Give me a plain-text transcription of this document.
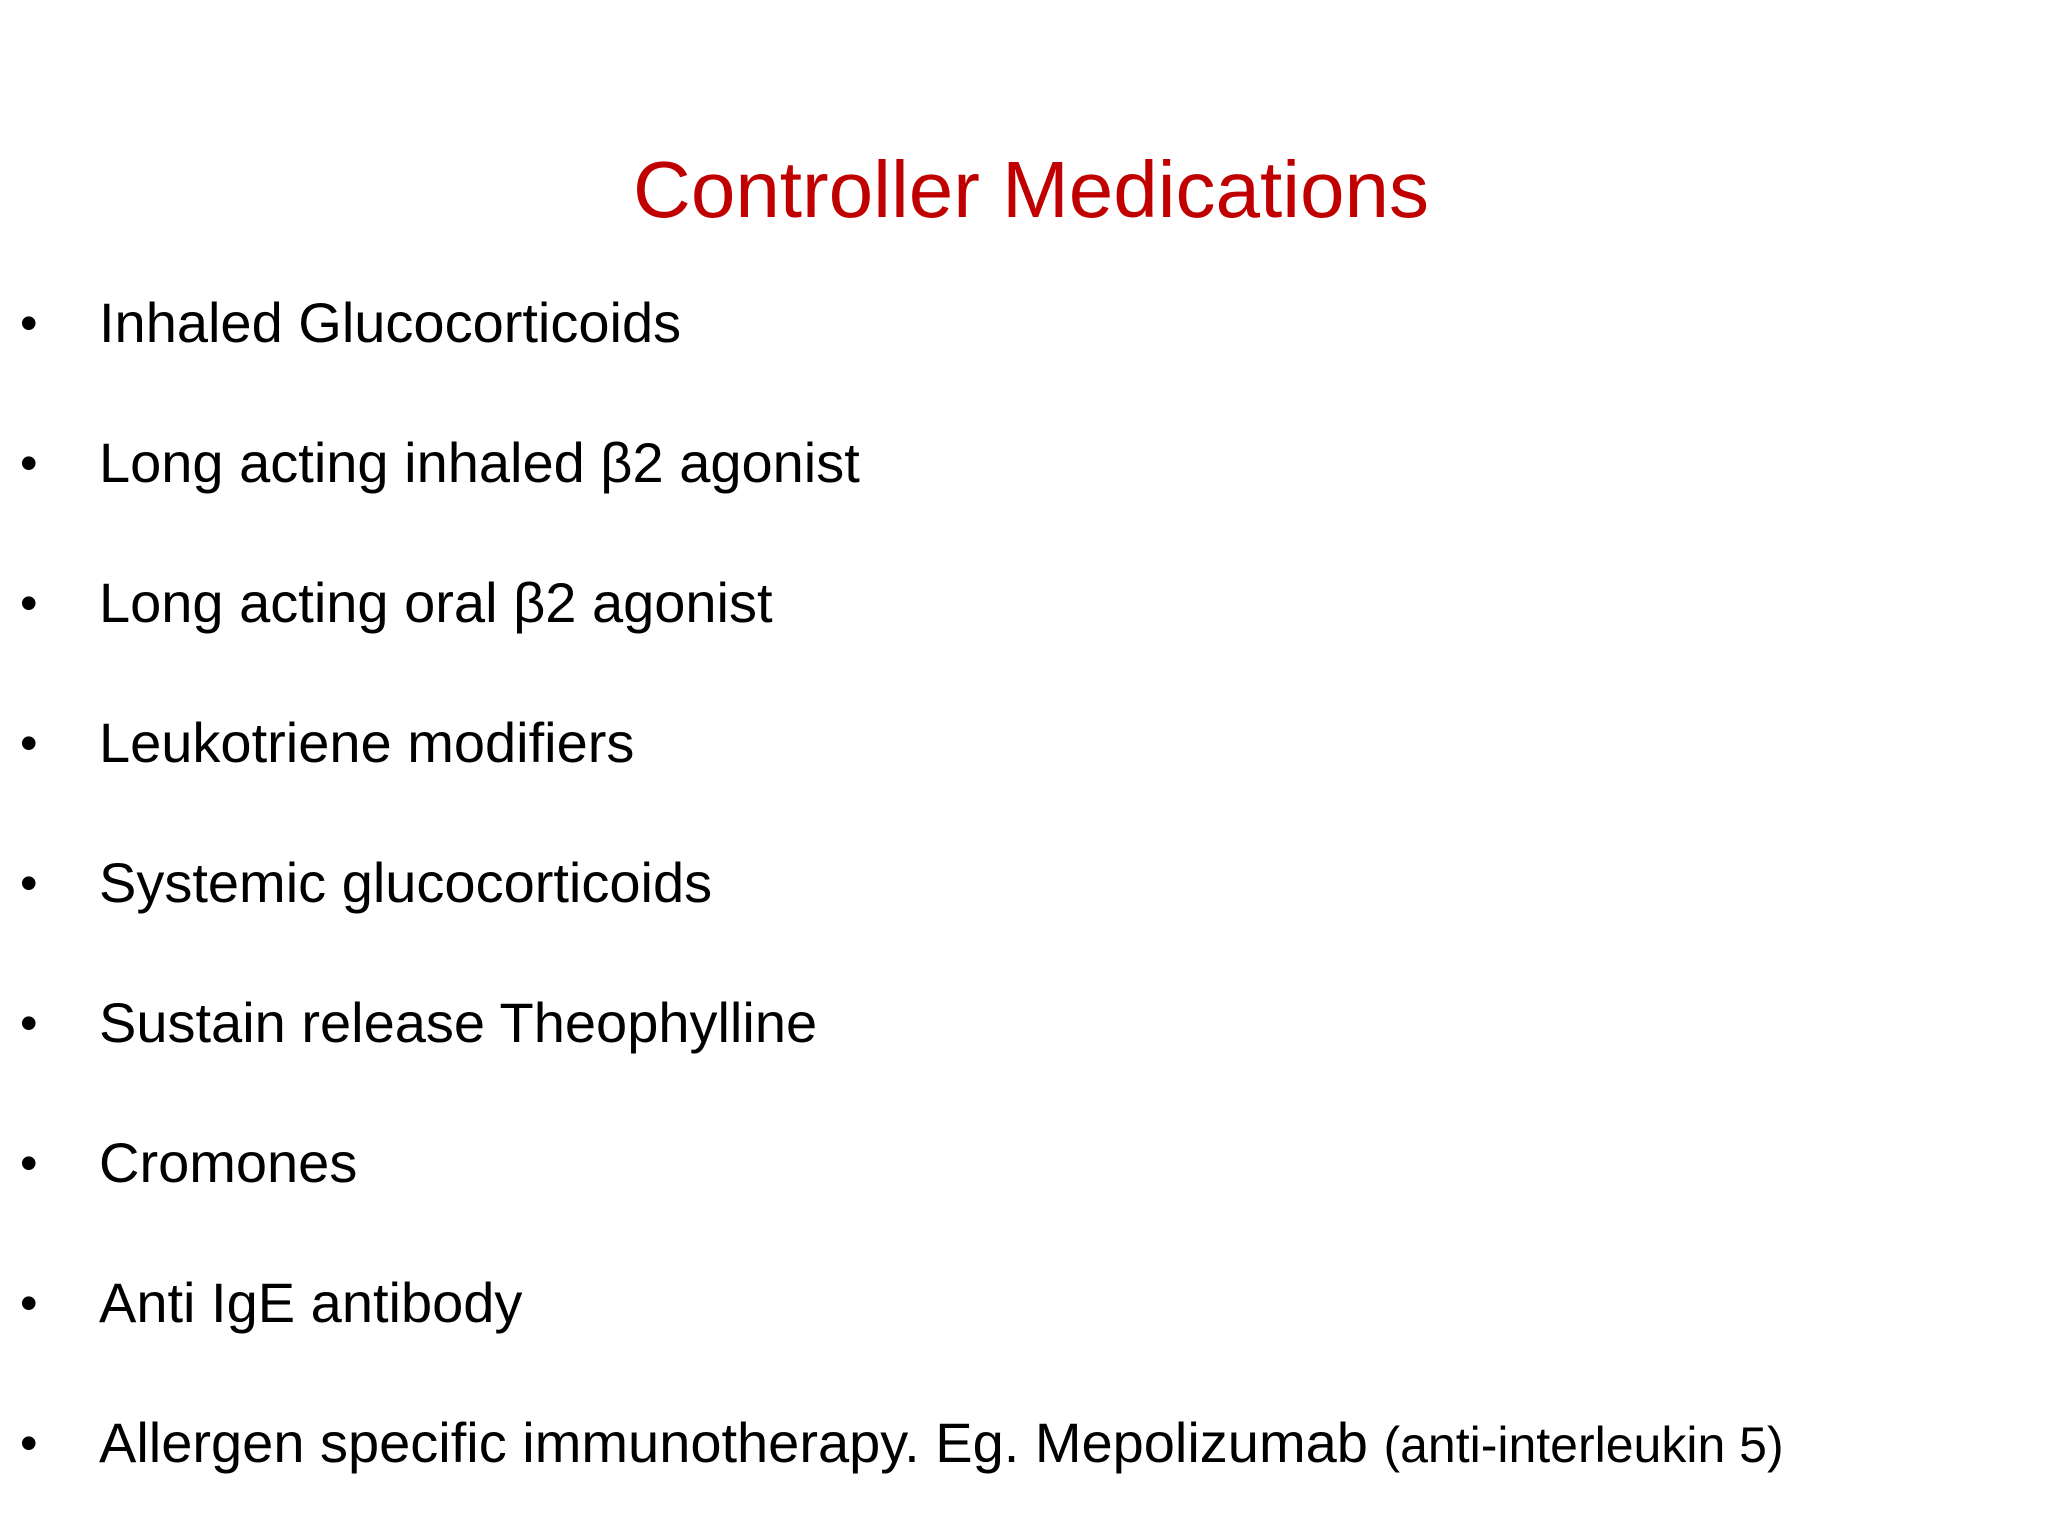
Controller Medications
• Inhaled Glucocorticoids
• Long acting inhaled β2 agonist
• Long acting oral β2 agonist
• Leukotriene modifiers
• Systemic glucocorticoids
• Sustain release Theophylline
• Cromones
• Anti IgE antibody
• Allergen specific immunotherapy. Eg. Mepolizumab (anti-interleukin 5)
